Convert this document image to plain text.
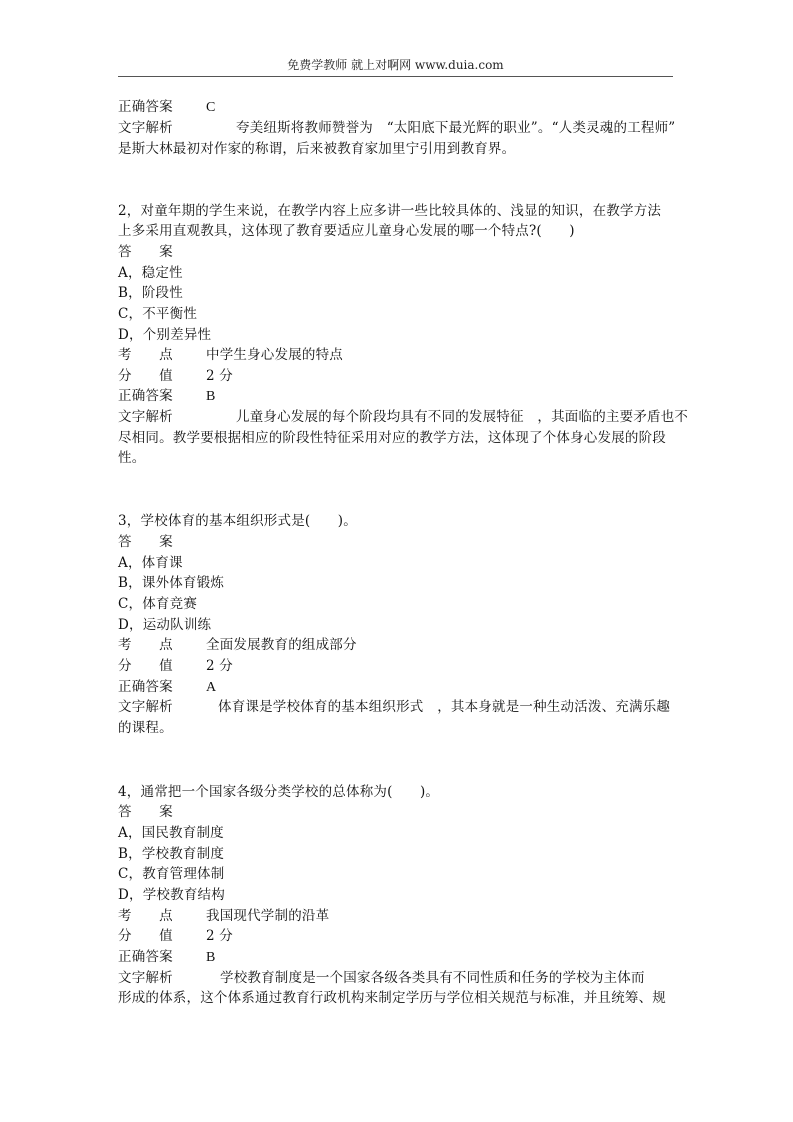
免费学教师 就上对啊网 www.duia.com
正确答案 C
文字解析	夸美纽斯将教师赞誉为　“太阳底下最光辉的职业”。“人类灵魂的工程师”
是斯大林最初对作家的称谓，后来被教育家加里宁引用到教育界。
2，对童年期的学生来说，在教学内容上应多讲一些比较具体的、浅显的知识，在教学方法
上多采用直观教具，这体现了教育要适应儿童身心发展的哪一个特点?(　　)
答　　案
A，稳定性
B，阶段性
C，不平衡性
D，个别差异性
考　　点 中学生身心发展的特点
分　　值 2 分
正确答案 B
文字解析	儿童身心发展的每个阶段均具有不同的发展特征　，其面临的主要矛盾也不
尽相同。教学要根据相应的阶段性特征采用对应的教学方法，这体现了个体身心发展的阶段
性。
3，学校体育的基本组织形式是(　　)。
答　　案
A，体育课
B，课外体育锻炼
C，体育竞赛
D，运动队训练
考　　点 全面发展教育的组成部分
分　　值 2 分
正确答案 A
文字解析	体育课是学校体育的基本组织形式　，其本身就是一种生动活泼、充满乐趣
的课程。
4，通常把一个国家各级分类学校的总体称为(　　)。
答　　案
A，国民教育制度
B，学校教育制度
C，教育管理体制
D，学校教育结构
考　　点 我国现代学制的沿革
分　　值 2 分
正确答案 B
文字解析	学校教育制度是一个国家各级各类具有不同性质和任务的学校为主体而
形成的体系，这个体系通过教育行政机构来制定学历与学位相关规范与标准，并且统筹、规
